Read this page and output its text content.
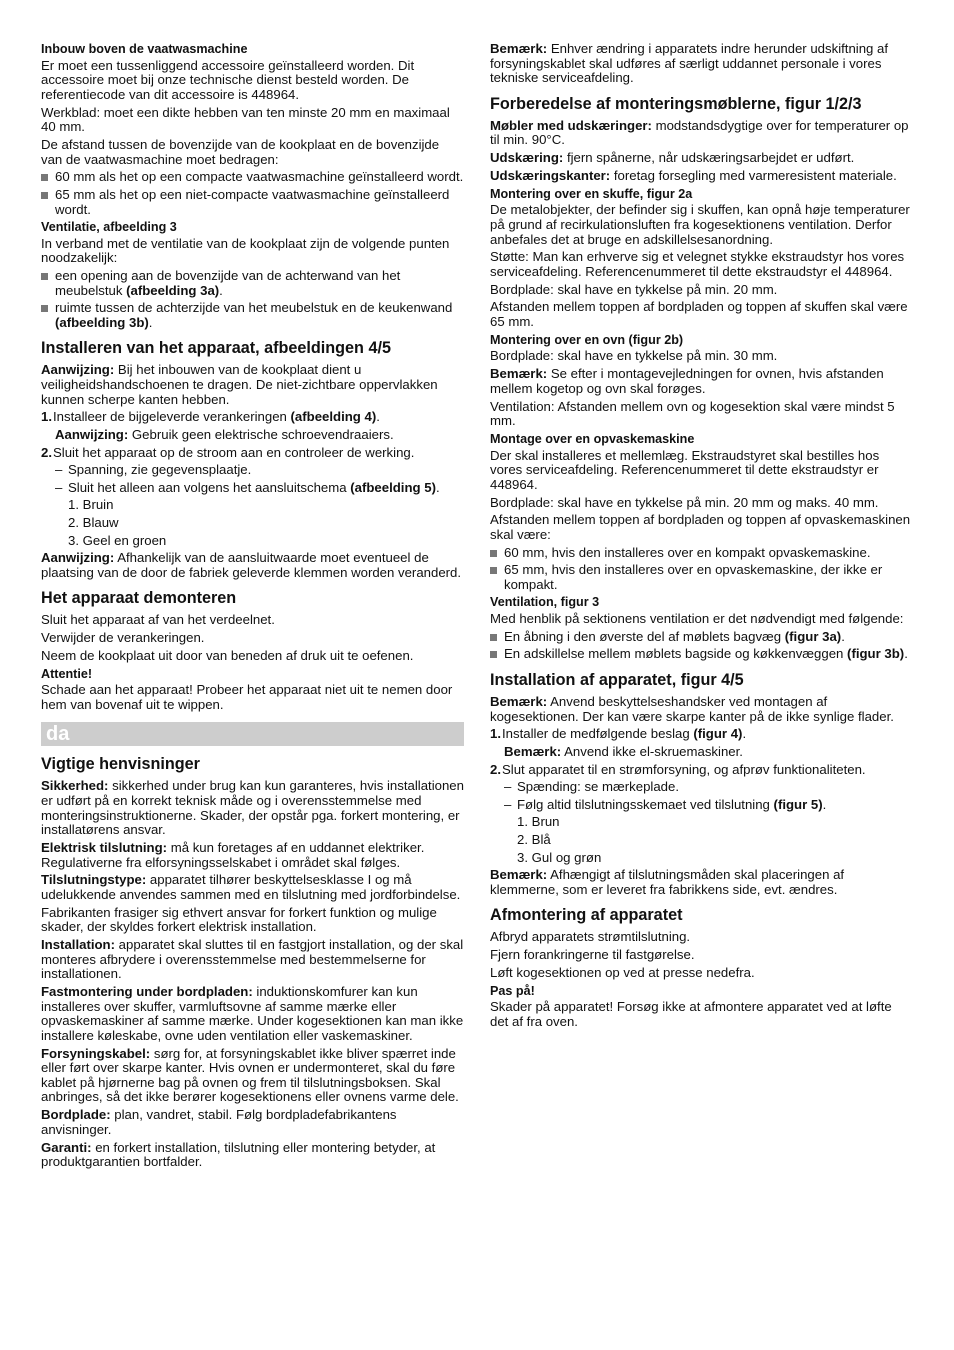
Inbouw boven de vaatwasmachine

Er moet een tussenliggend accessoire geïnstalleerd worden. Dit accessoire moet bij onze technische dienst besteld worden. De referentiecode van dit accessoire is 448964.

Werkblad: moet een dikte hebben van ten minste 20 mm en maximaal 40 mm.

De afstand tussen de bovenzijde van de kookplaat en de bovenzijde van de vaatwasmachine moet bedragen:

60 mm als het op een compacte vaatwasmachine geïnstalleerd wordt.
65 mm als het op een niet-compacte vaatwasmachine geïnstalleerd wordt.
Ventilatie, afbeelding 3

In verband met de ventilatie van de kookplaat zijn de volgende punten noodzakelijk:

een opening aan de bovenzijde van de achterwand van het meubelstuk (afbeelding 3a).
ruimte tussen de achterzijde van het meubelstuk en de keukenwand (afbeelding 3b).
Installeren van het apparaat, afbeeldingen 4/5

Aanwijzing: Bij het inbouwen van de kookplaat dient u veiligheidshandschoenen te dragen. De niet-zichtbare oppervlakken kunnen scherpe kanten hebben.

1.Installeer de bijgeleverde verankeringen (afbeelding 4).
Aanwijzing: Gebruik geen elektrische schroevendraaiers.
2.Sluit het apparaat op de stroom aan en controleer de werking.
– Spanning, zie gegevensplaatje.
– Sluit het alleen aan volgens het aansluitschema (afbeelding 5).
1. Bruin
2. Blauw
3. Geel en groen

Aanwijzing: Afhankelijk van de aansluitwaarde moet eventueel de plaatsing van de door de fabriek geleverde klemmen worden veranderd.

Het apparaat demonteren

Sluit het apparaat af van het verdeelnet.

Verwijder de verankeringen.

Neem de kookplaat uit door van beneden af druk uit te oefenen.

Attentie!

Schade aan het apparaat! Probeer het apparaat niet uit te nemen door hem van bovenaf uit te wippen.

da
Vigtige henvisninger

Sikkerhed: sikkerhed under brug kan kun garanteres, hvis installationen er udført på en korrekt teknisk måde og i overensstemmelse med monteringsinstruktionerne. Skader, der opstår pga. forkert montering, er installatørens ansvar.

Elektrisk tilslutning: må kun foretages af en uddannet elektriker. Regulativerne fra elforsyningsselskabet i området skal følges.

Tilslutningstype: apparatet tilhører beskyttelsesklasse I og må udelukkende anvendes sammen med en tilslutning med jordforbindelse.

Fabrikanten frasiger sig ethvert ansvar for forkert funktion og mulige skader, der skyldes forkert elektrisk installation.

Installation: apparatet skal sluttes til en fastgjort installation, og der skal monteres afbrydere i overensstemmelse med bestemmelserne for installationen.

Fastmontering under bordpladen: induktionskomfurer kan kun installeres over skuffer, varmluftsovne af samme mærke eller opvaskemaskiner af samme mærke. Under kogesektionen kan man ikke installere køleskabe, ovne uden ventilation eller vaskemaskiner.

Forsyningskabel: sørg for, at forsyningskablet ikke bliver spærret inde eller ført over skarpe kanter. Hvis ovnen er undermonteret, skal du føre kablet på hjørnerne bag på ovnen og frem til tilslutningsboksen. Skal anbringes, så det ikke berører kogesektionens eller ovnens varme dele.

Bordplade: plan, vandret, stabil. Følg bordpladefabrikantens anvisninger.

Garanti: en forkert installation, tilslutning eller montering betyder, at produktgarantien bortfalder.

Bemærk: Enhver ændring i apparatets indre herunder udskiftning af forsyningskablet skal udføres af særligt uddannet personale i vores tekniske serviceafdeling.

Forberedelse af monteringsmøblerne, figur 1/2/3

Møbler med udskæringer: modstandsdygtige over for temperaturer op til min. 90°C.

Udskæring: fjern spånerne, når udskæringsarbejdet er udført.

Udskæringskanter: foretag forsegling med varmeresistent materiale.

Montering over en skuffe, figur 2a

De metalobjekter, der befinder sig i skuffen, kan opnå høje temperaturer på grund af recirkulationsluften fra kogesektionens ventilation. Derfor anbefales det at bruge en adskillelsesanordning.

Støtte: Man kan erhverve sig et velegnet stykke ekstraudstyr hos vores serviceafdeling. Referencenummeret til dette ekstraudstyr el 448964.

Bordplade: skal have en tykkelse på min. 20 mm.

Afstanden mellem toppen af bordpladen og toppen af skuffen skal være 65 mm.

Montering over en ovn (figur 2b)

Bordplade: skal have en tykkelse på min. 30 mm.

Bemærk: Se efter i montagevejledningen for ovnen, hvis afstanden mellem kogetop og ovn skal forøges.

Ventilation: Afstanden mellem ovn og kogesektion skal være mindst 5 mm.

Montage over en opvaskemaskine

Der skal installeres et mellemlæg. Ekstraudstyret skal bestilles hos vores serviceafdeling. Referencenummeret til dette ekstraudstyr er 448964.

Bordplade: skal have en tykkelse på min. 20 mm og maks. 40 mm.

Afstanden mellem toppen af bordpladen og toppen af opvaskemaskinen skal være:

60 mm, hvis den installeres over en kompakt opvaskemaskine.
65 mm, hvis den installeres over en opvaskemaskine, der ikke er kompakt.
Ventilation, figur 3

Med henblik på sektionens ventilation er det nødvendigt med følgende:

En åbning i den øverste del af møblets bagvæg (figur 3a).
En adskillelse mellem møblets bagside og køkkenvæggen (figur 3b).
Installation af apparatet, figur 4/5

Bemærk: Anvend beskyttelseshandsker ved montagen af kogesektionen. Der kan være skarpe kanter på de ikke synlige flader.

1.Installer de medfølgende beslag (figur 4).
Bemærk: Anvend ikke el-skruemaskiner.
2.Slut apparatet til en strømforsyning, og afprøv funktionaliteten.
– Spænding: se mærkeplade.
– Følg altid tilslutningsskemaet ved tilslutning (figur 5).
1. Brun
2. Blå
3. Gul og grøn

Bemærk: Afhængigt af tilslutningsmåden skal placeringen af klemmerne, som er leveret fra fabrikkens side, evt. ændres.

Afmontering af apparatet

Afbryd apparatets strømtilslutning.

Fjern forankringerne til fastgørelse.

Løft kogesektionen op ved at presse nedefra.

Pas på!

Skader på apparatet! Forsøg ikke at afmontere apparatet ved at løfte det af fra oven.
